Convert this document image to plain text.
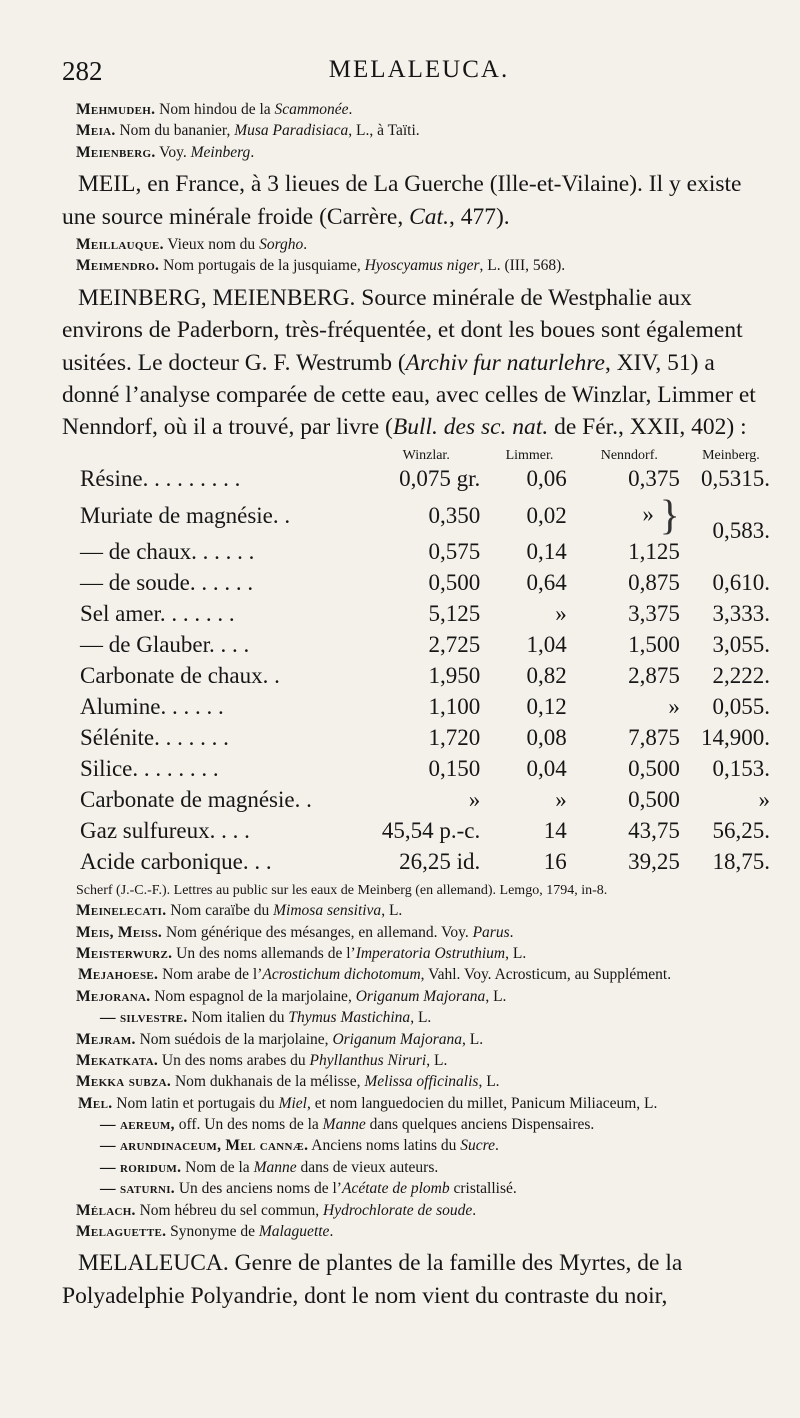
282	MELALEUCA.

Mehmudeh. Nom hindou de la Scammonée.

Meia. Nom du bananier, Musa Paradisiaca, L., à Taïti.

Meienberg. Voy. Meinberg.

MEIL, en France, à 3 lieues de La Guerche (Ille-et-Vilaine). Il y existe une source minérale froide (Carrère, Cat., 477).

Meillauque. Vieux nom du Sorgho.

Meimendro. Nom portugais de la jusquiame, Hyoscyamus niger, L. (III, 568).

MEINBERG, MEIENBERG. Source minérale de Westphalie aux environs de Paderborn, très-fréquentée, et dont les boues sont également usitées. Le docteur G. F. Westrumb (Archiv fur naturlehre, XIV, 51) a donné l’analyse comparée de cette eau, avec celles de Winzlar, Limmer et Nenndorf, où il a trouvé, par livre (Bull. des sc. nat. de Fér., XXII, 402) :

	Winzlar.	Limmer.	Nenndorf.	Meinberg.
Résine. . . . . . . . .	0,075 gr.	0,06	0,375	0,5315.
Muriate de magnésie. .	0,350	0,02	» }	0,583.
— de chaux. . . . . .	0,575	0,14	1,125	
— de soude. . . . . .	0,500	0,64	0,875	0,610.
Sel amer. . . . . . .	5,125	»	3,375	3,333.
— de Glauber. . . .	2,725	1,04	1,500	3,055.
Carbonate de chaux. .	1,950	0,82	2,875	2,222.
Alumine. . . . . .	1,100	0,12	»	0,055.
Sélénite. . . . . . .	1,720	0,08	7,875	14,900.
Silice. . . . . . . .	0,150	0,04	0,500	0,153.
Carbonate de magnésie. .	»	»	0,500	»
Gaz sulfureux. . . .	45,54 p.-c.	14	43,75	56,25.
Acide carbonique. . .	26,25 id.	16	39,25	18,75.

Scherf (J.-C.-F.). Lettres au public sur les eaux de Meinberg (en allemand). Lemgo, 1794, in-8.

Meinelecati. Nom caraïbe du Mimosa sensitiva, L.

Meis, Meiss. Nom générique des mésanges, en allemand. Voy. Parus.

Meisterwurz. Un des noms allemands de l’Imperatoria Ostruthium, L.

Mejahoese. Nom arabe de l’Acrostichum dichotomum, Vahl. Voy. Acrosticum, au Supplément.

Mejorana. Nom espagnol de la marjolaine, Origanum Majorana, L.

— silvestre. Nom italien du Thymus Mastichina, L.

Mejram. Nom suédois de la marjolaine, Origanum Majorana, L.

Mekatkata. Un des noms arabes du Phyllanthus Niruri, L.

Mekka subza. Nom dukhanais de la mélisse, Melissa officinalis, L.

Mel. Nom latin et portugais du Miel, et nom languedocien du millet, Panicum Miliaceum, L.

— aereum, off. Un des noms de la Manne dans quelques anciens Dispensaires.

— arundinaceum, Mel cannæ. Anciens noms latins du Sucre.

— roridum. Nom de la Manne dans de vieux auteurs.

— saturni. Un des anciens noms de l’Acétate de plomb cristallisé.

Mélach. Nom hébreu du sel commun, Hydrochlorate de soude.

Melaguette. Synonyme de Malaguette.

MELALEUCA. Genre de plantes de la famille des Myrtes, de la Polyadelphie Polyandrie, dont le nom vient du contraste du noir,
